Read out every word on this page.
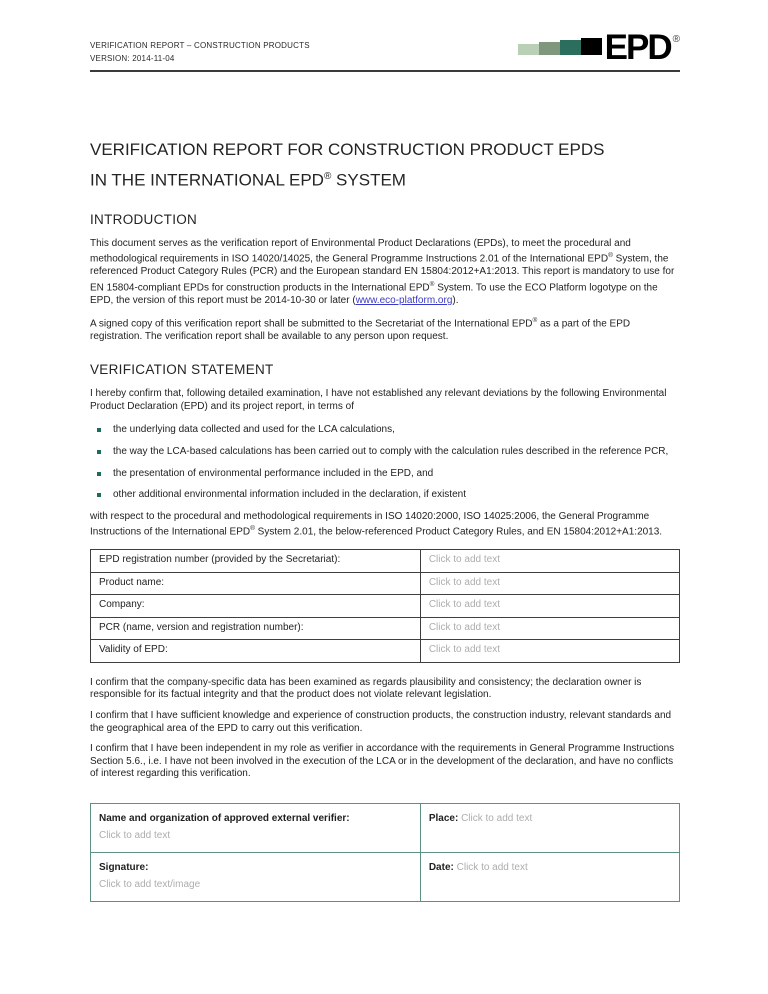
VERIFICATION REPORT – CONSTRUCTION PRODUCTS
VERSION: 2014-11-04	EPD ®
VERIFICATION REPORT FOR CONSTRUCTION PRODUCT EPDS
IN THE INTERNATIONAL EPD® SYSTEM
INTRODUCTION

This document serves as the verification report of Environmental Product Declarations (EPDs), to meet the procedural and methodological requirements in ISO 14020/14025, the General Programme Instructions 2.01 of the International EPD® System, the referenced Product Category Rules (PCR) and the European standard EN 15804:2012+A1:2013. This report is mandatory to use for EN 15804-compliant EPDs for construction products in the International EPD® System. To use the ECO Platform logotype on the EPD, the version of this report must be 2014-10-30 or later (www.eco-platform.org).

A signed copy of this verification report shall be submitted to the Secretariat of the International EPD® as a part of the EPD registration. The verification report shall be available to any person upon request.

VERIFICATION STATEMENT

I hereby confirm that, following detailed examination, I have not established any relevant deviations by the following Environmental Product Declaration (EPD) and its project report, in terms of

the underlying data collected and used for the LCA calculations,
the way the LCA-based calculations has been carried out to comply with the calculation rules described in the reference PCR,
the presentation of environmental performance included in the EPD, and
other additional environmental information included in the declaration, if existent

with respect to the procedural and methodological requirements in ISO 14020:2000, ISO 14025:2006, the General Programme Instructions of the International EPD® System 2.01, the below-referenced Product Category Rules, and EN 15804:2012+A1:2013.

EPD registration number (provided by the Secretariat):	Click to add text
Product name:	Click to add text
Company:	Click to add text
PCR (name, version and registration number):	Click to add text
Validity of EPD:	Click to add text

I confirm that the company-specific data has been examined as regards plausibility and consistency; the declaration owner is responsible for its factual integrity and that the product does not violate relevant legislation.

I confirm that I have sufficient knowledge and experience of construction products, the construction industry, relevant standards and the geographical area of the EPD to carry out this verification.

I confirm that I have been independent in my role as verifier in accordance with the requirements in General Programme Instructions Section 5.6., i.e. I have not been involved in the execution of the LCA or in the development of the declaration, and have no conflicts of interest regarding this verification.

Name and organization of approved external verifier:
Click to add text	Place: Click to add text

Signature:
Click to add text/image	Date: Click to add text
